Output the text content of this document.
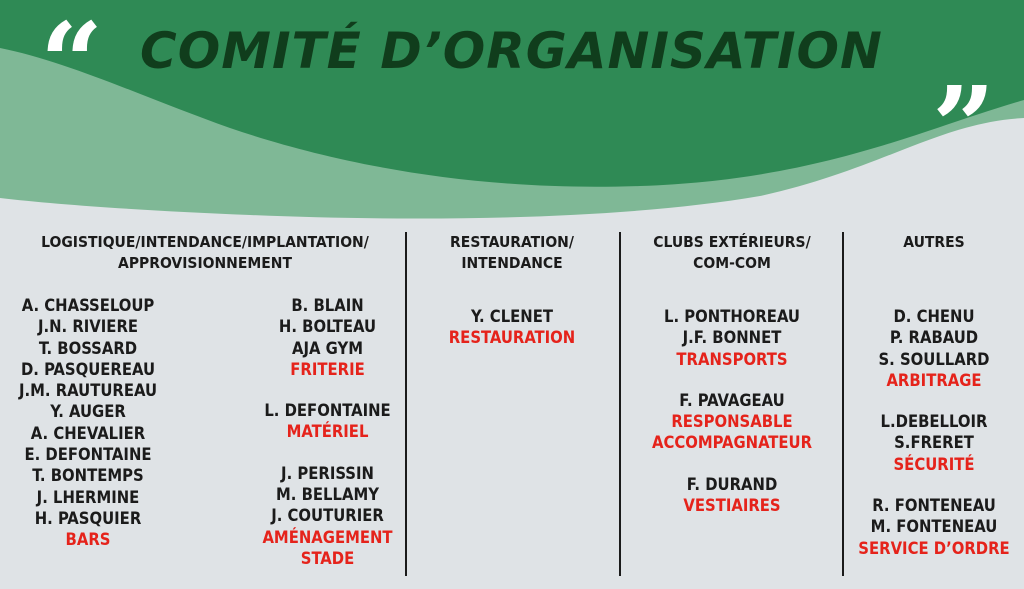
“	”
COMITÉ D’ORGANISATION
LOGISTIQUE/INTENDANCE/IMPLANTATION/
APPROVISIONNEMENT
A. CHASSELOUP
J.N. RIVIERE
T. BOSSARD
D. PASQUEREAU
J.M. RAUTUREAU
Y. AUGER
A. CHEVALIER
E. DEFONTAINE
T. BONTEMPS
J. LHERMINE
H. PASQUIER
BARS
B. BLAIN
H. BOLTEAU
AJA GYM
FRITERIE
L. DEFONTAINE
MATÉRIEL
J. PERISSIN
M. BELLAMY
J. COUTURIER
AMÉNAGEMENT
STADE
RESTAURATION/
INTENDANCE
Y. CLENET
RESTAURATION
CLUBS EXTÉRIEURS/
COM-COM
L. PONTHOREAU
J.F. BONNET
TRANSPORTS
F. PAVAGEAU
RESPONSABLE
ACCOMPAGNATEUR
F. DURAND
VESTIAIRES
AUTRES
D. CHENU
P. RABAUD
S. SOULLARD
ARBITRAGE
L.DEBELLOIR
S.FRERET
SÉCURITÉ
R. FONTENEAU
M. FONTENEAU
SERVICE D’ORDRE
